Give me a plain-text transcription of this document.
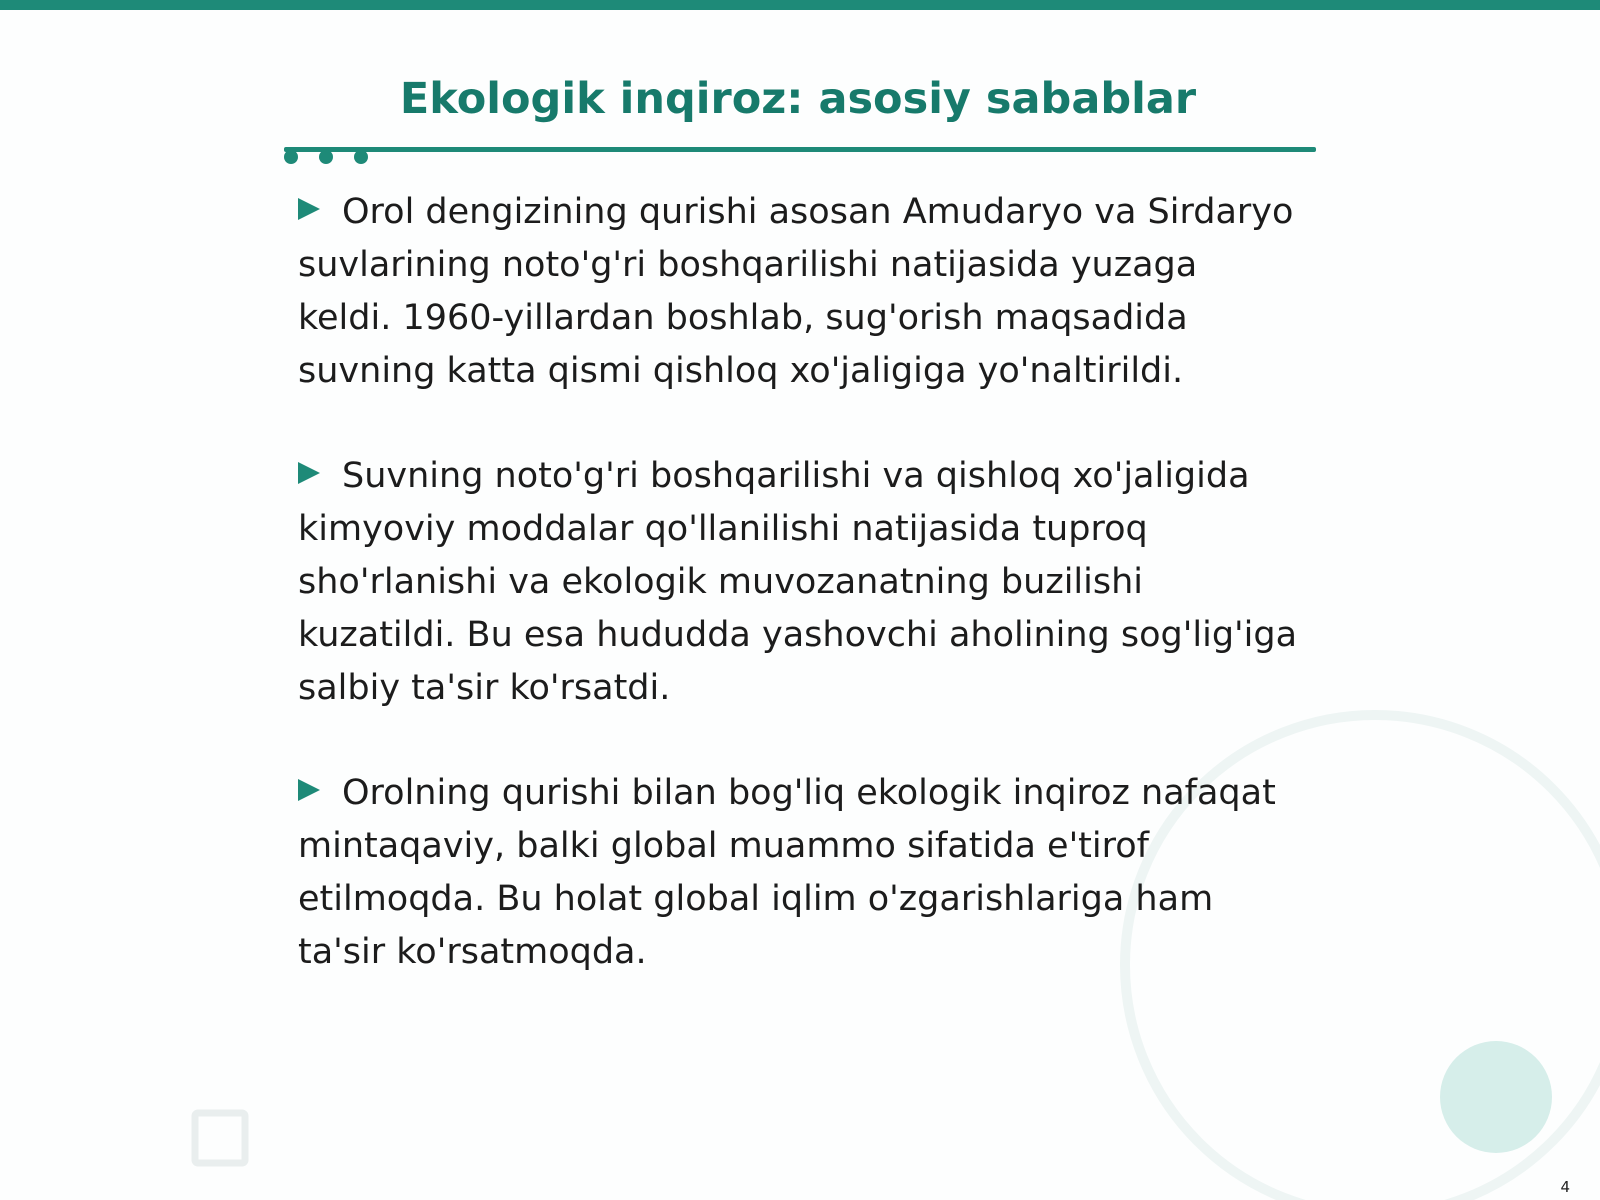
Ekologik inqiroz: asosiy sabablar

Orol dengizining qurishi asosan Amudaryo va Sirdaryo suvlarining noto'g'ri boshqarilishi natijasida yuzaga keldi. 1960-yillardan boshlab, sug'orish maqsadida suvning katta qismi qishloq xo'jaligiga yo'naltirildi.

Suvning noto'g'ri boshqarilishi va qishloq xo'jaligida kimyoviy moddalar qo'llanilishi natijasida tuproq sho'rlanishi va ekologik muvozanatning buzilishi kuzatildi. Bu esa hududda yashovchi aholining sog'lig'iga salbiy ta'sir ko'rsatdi.

Orolning qurishi bilan bog'liq ekologik inqiroz nafaqat mintaqaviy, balki global muammo sifatida e'tirof etilmoqda. Bu holat global iqlim o'zgarishlariga ham ta'sir ko'rsatmoqda.

4
